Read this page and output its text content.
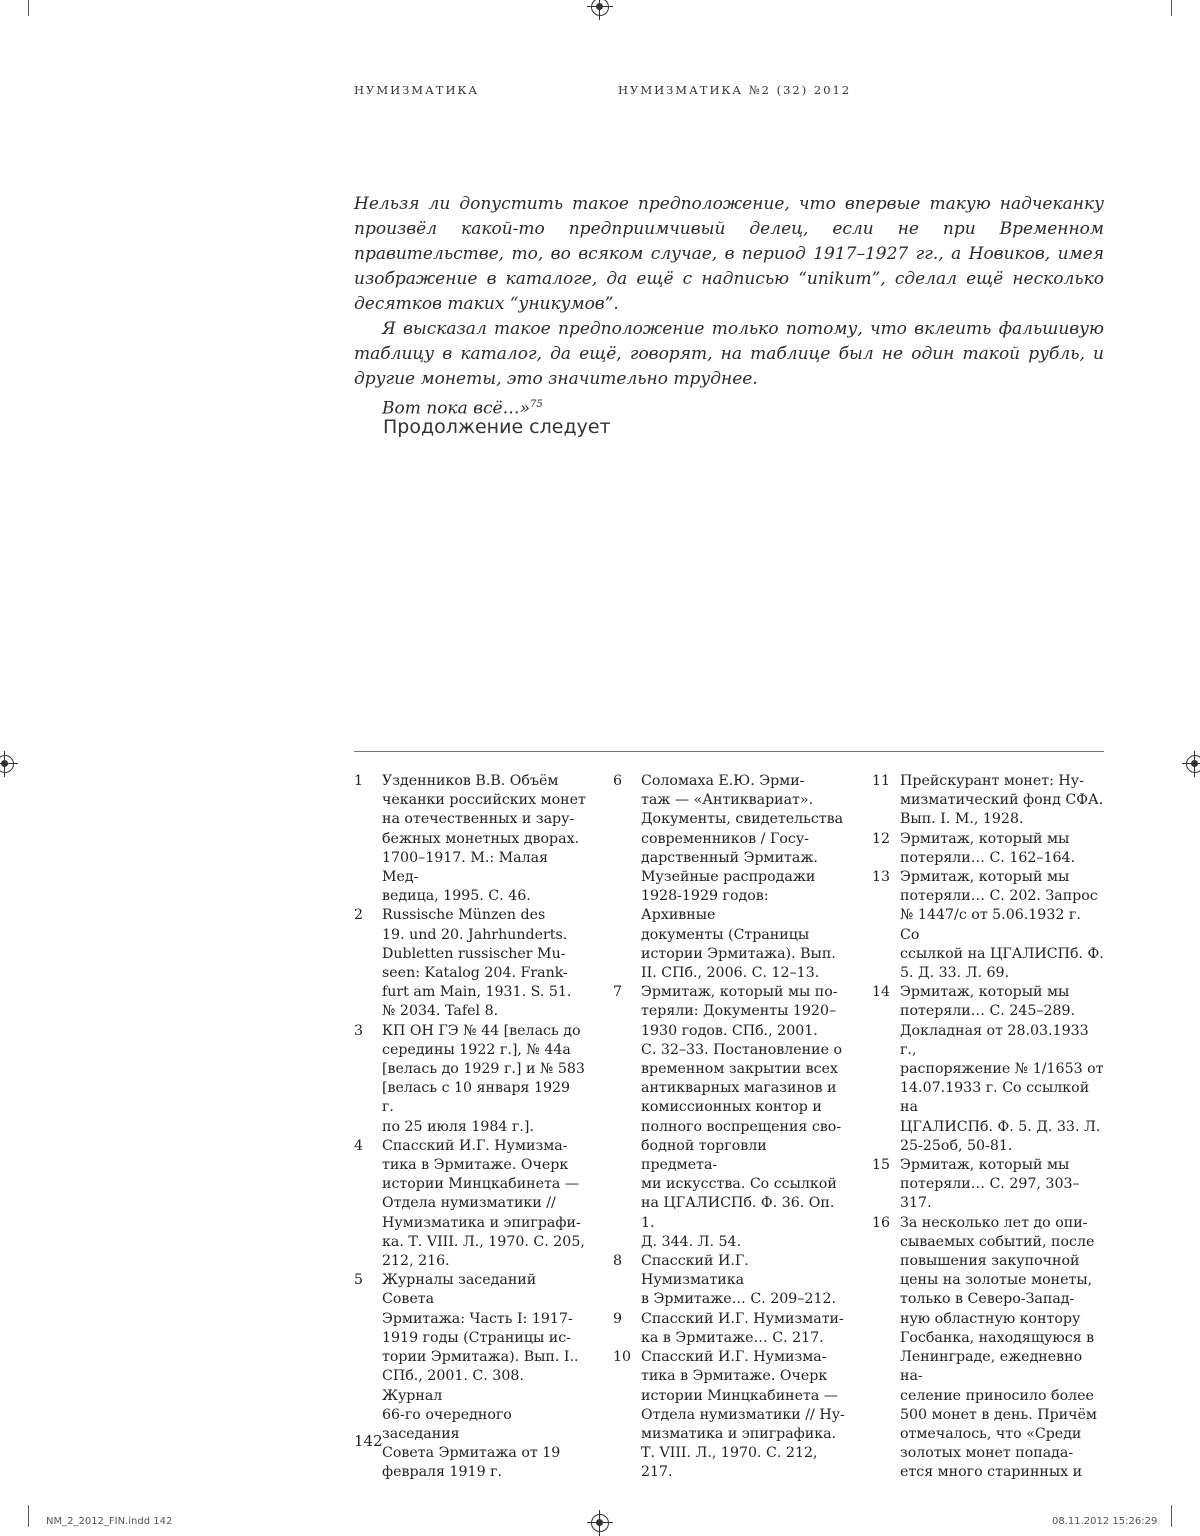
НУМИЗМАТИКА	НУМИЗМАТИКА №2 (32) 2012

Нельзя ли допустить такое предположение, что впервые такую надчеканку произвёл какой-то предприимчивый делец, если не при Временном правительстве, то, во всяком случае, в период 1917–1927 гг., а Новиков, имея изображение в каталоге, да ещё с надписью “unikum”, сделал ещё несколько десятков таких “уникумов”.

Я высказал такое предположение только потому, что вклеить фальшивую таблицу в каталог, да ещё, говорят, на таблице был не один такой рубль, и другие монеты, это значительно труднее.

Вот пока всё…»$^{75}$

Продолжение следует
1 Узденников В.В. Объём
чеканки российских монет
на отечественных и зару-
бежных монетных дворах.
1700–1917. М.: Малая Мед-
ведица, 1995. С. 46.
2 Russische Münzen des
19. und 20. Jahrhunderts.
Dubletten russischer Mu-
seen: Katalog 204. Frank-
furt am Main, 1931. S. 51.
№ 2034. Tafel 8.
3 КП ОН ГЭ № 44 [велась до
середины 1922 г.], № 44а
[велась до 1929 г.] и № 583
[велась с 10 января 1929 г.
по 25 июля 1984 г.].
4 Спасский И.Г. Нумизма-
тика в Эрмитаже. Очерк
истории Минцкабинета —
Отдела нумизматики //
Нумизматика и эпиграфи-
ка. Т. VIII. Л., 1970. С. 205,
212, 216.
5 Журналы заседаний Совета
Эрмитажа: Часть I: 1917-
1919 годы (Страницы ис-
тории Эрмитажа). Вып. I..
СПб., 2001. С. 308. Журнал
66-го очередного заседания
Совета Эрмитажа от 19
февраля 1919 г.
6 Соломаха Е.Ю. Эрми-
таж — «Антиквариат».
Документы, свидетельства
современников / Госу-
дарственный Эрмитаж.
Музейные распродажи
1928-1929 годов: Архивные
документы (Страницы
истории Эрмитажа). Вып.
II. СПб., 2006. С. 12–13.
7 Эрмитаж, который мы по-
теряли: Документы 1920–
1930 годов. СПб., 2001.
С. 32–33. Постановление о
временном закрытии всех
антикварных магазинов и
комиссионных контор и
полного воспрещения сво-
бодной торговли предмета-
ми искусства. Со ссылкой
на ЦГАЛИСПб. Ф. 36. Оп. 1.
Д. 344. Л. 54.
8 Спасский И.Г. Нумизматика
в Эрмитаже… С. 209–212.
9 Спасский И.Г. Нумизмати-
ка в Эрмитаже… С. 217.
10 Спасский И.Г. Нумизма-
тика в Эрмитаже. Очерк
истории Минцкабинета —
Отдела нумизматики // Ну-
мизматика и эпиграфика.
Т. VIII. Л., 1970. С. 212, 217.
11 Прейскурант монет: Ну-
мизматический фонд СФА.
Вып. I. М., 1928.
12 Эрмитаж, который мы
потеряли… С. 162–164.
13 Эрмитаж, который мы
потеряли… С. 202. Запрос
№ 1447/с от 5.06.1932 г. Со
ссылкой на ЦГАЛИСПб. Ф.
5. Д. 33. Л. 69.
14 Эрмитаж, который мы
потеряли… С. 245–289.
Докладная от 28.03.1933 г.,
распоряжение № 1/1653 от
14.07.1933 г. Со ссылкой на
ЦГАЛИСПб. Ф. 5. Д. 33. Л.
25-25об, 50-81.
15 Эрмитаж, который мы
потеряли… С. 297, 303–317.
16 За несколько лет до опи-
сываемых событий, после
повышения закупочной
цены на золотые монеты,
только в Северо-Запад-
ную областную контору
Госбанка, находящуюся в
Ленинграде, ежедневно на-
селение приносило более
500 монет в день. Причём
отмечалось, что «Среди
золотых монет попада-
ется много старинных и
142
NM_2_2012_FIN.indd 142	08.11.2012 15:26:29
